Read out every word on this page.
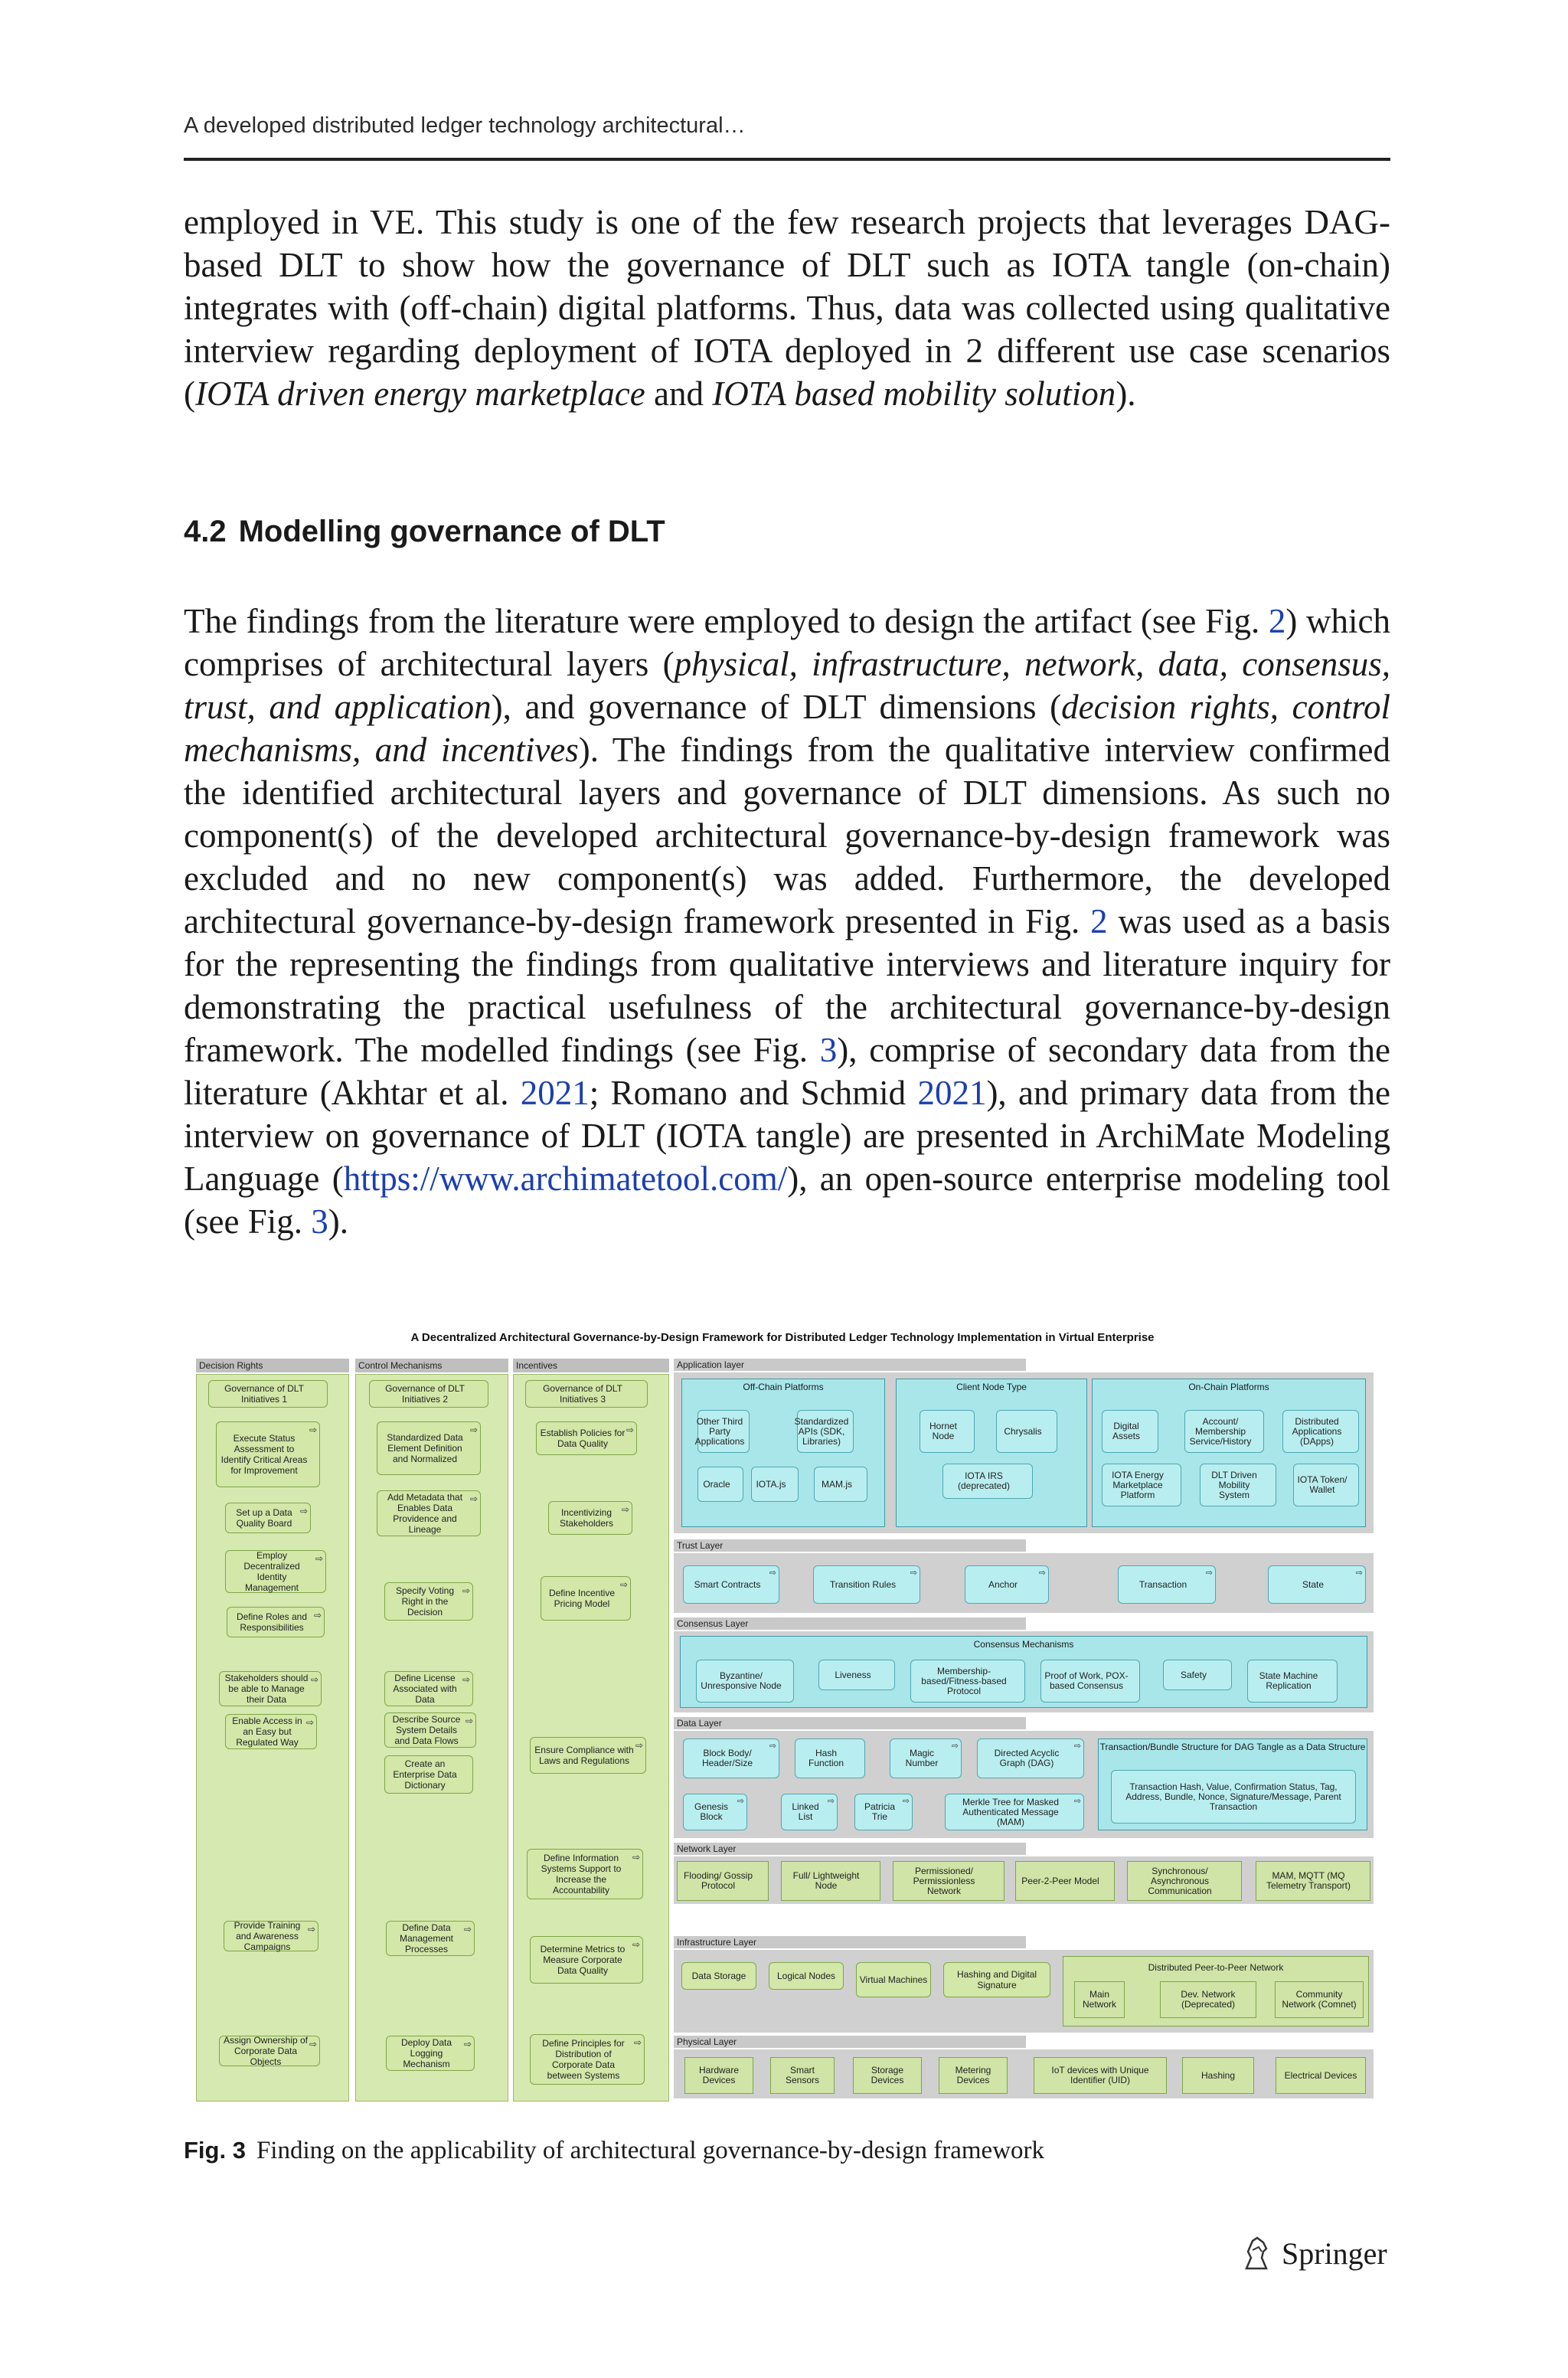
A developed distributed ledger technology architectural…
employed in VE. This study is one of the few research projects that leverages DAG-based DLT to show how the governance of DLT such as IOTA tangle (on-chain) integrates with (off-chain) digital platforms. Thus, data was collected using qualitative interview regarding deployment of IOTA deployed in 2 different use case scenarios (IOTA driven energy marketplace and IOTA based mobility solution).
4.2 Modelling governance of DLT
The findings from the literature were employed to design the artifact (see Fig. 2) which comprises of architectural layers (physical, infrastructure, network, data, consensus, trust, and application), and governance of DLT dimensions (decision rights, control mechanisms, and incentives). The findings from the qualitative interview confirmed the identified architectural layers and governance of DLT dimensions. As such no component(s) of the developed architectural governance-by-design framework was excluded and no new component(s) was added. Furthermore, the developed architectural governance-by-design framework presented in Fig. 2 was used as a basis for the representing the findings from qualitative interviews and literature inquiry for demonstrating the practical usefulness of the architectural governance-by-design framework. The modelled findings (see Fig. 3), comprise of secondary data from the literature (Akhtar et al. 2021; Romano and Schmid 2021), and primary data from the interview on governance of DLT (IOTA tangle) are presented in ArchiMate Modeling Language (https://www.archimatetool.com/), an open-source enterprise modeling tool (see Fig. 3).
A Decentralized Architectural Governance-by-Design Framework for Distributed Ledger Technology Implementation in Virtual Enterprise
Decision Rights	Control Mechanisms	Incentives
Governance of DLT Initiatives 1
Execute Status Assessment to Identify Critical Areas for Improvement
⇨
Set up a Data Quality Board
⇨
Employ Decentralized Identity Management
⇨
Define Roles and Responsibilities
⇨
Stakeholders should be able to Manage their Data
⇨
Enable Access in an Easy but Regulated Way
⇨
Provide Training and Awareness Campaigns
⇨
Assign Ownership of Corporate Data Objects
⇨
Governance of DLT Initiatives 2
Standardized Data Element Definition and Normalized
⇨
Add Metadata that Enables Data Providence and Lineage
⇨
Specify Voting Right in the Decision
⇨
Define License Associated with Data
⇨
Describe Source System Details and Data Flows
⇨
Create an Enterprise Data Dictionary
Define Data Management Processes
⇨
Deploy Data Logging Mechanism
⇨
Governance of DLT Initiatives 3
Establish Policies for Data Quality
⇨
Incentivizing Stakeholders
⇨
Define Incentive Pricing Model
⇨
Ensure Compliance with Laws and Regulations
⇨
Define Information Systems Support to Increase the Accountability
⇨
Determine Metrics to Measure Corporate Data Quality
⇨
Define Principles for Distribution of Corporate Data between Systems
⇨
Application layer
Off-Chain Platforms
Other Third Party Applications
Standardized APIs (SDK, Libraries)
Oracle	IOTA.js	MAM.js
Client Node Type
Hornet Node	Chrysalis
IOTA IRS (deprecated)
On-Chain Platforms
Digital Assets
Account/ Membership Service/History
Distributed Applications (DApps)
IOTA Energy Marketplace Platform
DLT Driven Mobility System
IOTA Token/ Wallet
Trust Layer
Smart Contracts
⇨
Transition Rules
⇨
Anchor
⇨
Transaction
⇨
State
⇨
Consensus Layer
Consensus Mechanisms
Byzantine/ Unresponsive Node
Liveness	Membership-based/Fitness-based Protocol
Proof of Work, POX-based Consensus
Safety	State Machine Replication
Data Layer
Block Body/ Header/Size
⇨
Hash Function
Magic Number
⇨
Directed Acyclic Graph (DAG)
⇨
Genesis Block
⇨	Linked List
⇨	Patricia Trie
⇨	Merkle Tree for Masked Authenticated Message (MAM)
⇨
Transaction/Bundle Structure for DAG Tangle as a Data Structure
Transaction Hash, Value, Confirmation Status, Tag, Address, Bundle, Nonce, Signature/Message, Parent Transaction
Network Layer
Flooding/ Gossip Protocol
Full/ Lightweight Node
Permissioned/ Permissionless Network
Peer-2-Peer Model
Synchronous/ Asynchronous Communication
MAM, MQTT (MQ Telemetry Transport)
Infrastructure Layer
Data Storage	Logical Nodes	Virtual Machines	Hashing and Digital Signature
Distributed Peer-to-Peer Network
Main Network
Dev. Network (Deprecated)
Community Network (Comnet)
Physical Layer
Hardware Devices
Smart Sensors
Storage Devices
Metering Devices
IoT devices with Unique Identifier (UID)	Hashing	Electrical Devices
Fig. 3 Finding on the applicability of architectural governance-by-design framework
Springer
